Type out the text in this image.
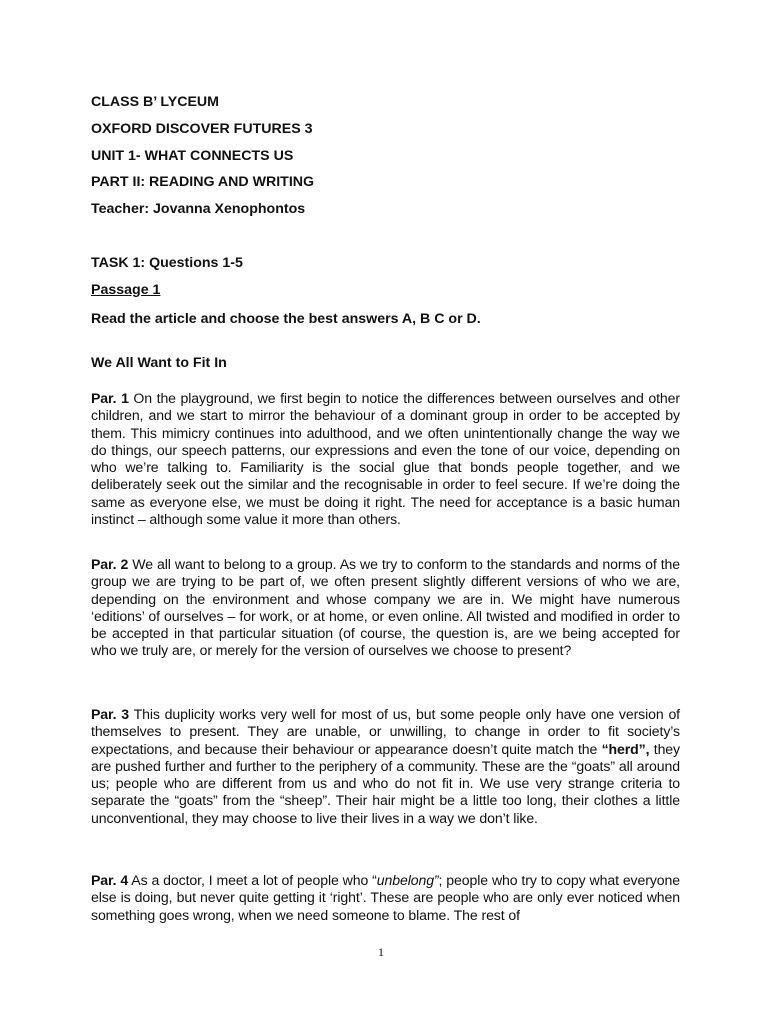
CLASS B’ LYCEUM

OXFORD DISCOVER FUTURES 3

UNIT 1- WHAT CONNECTS US

PART II: READING AND WRITING

Teacher: Jovanna Xenophontos

TASK 1: Questions 1-5

Passage 1

Read the article and choose the best answers A, B C or D.

We All Want to Fit In

Par. 1 On the playground, we first begin to notice the differences between ourselves and other children, and we start to mirror the behaviour of a dominant group in order to be accepted by them. This mimicry continues into adulthood, and we often unintentionally change the way we do things, our speech patterns, our expressions and even the tone of our voice, depending on who we’re talking to. Familiarity is the social glue that bonds people together, and we deliberately seek out the similar and the recognisable in order to feel secure. If we’re doing the same as everyone else, we must be doing it right. The need for acceptance is a basic human instinct – although some value it more than others.

Par. 2 We all want to belong to a group. As we try to conform to the standards and norms of the group we are trying to be part of, we often present slightly different versions of who we are, depending on the environment and whose company we are in. We might have numerous ‘editions’ of ourselves – for work, or at home, or even online. All twisted and modified in order to be accepted in that particular situation (of course, the question is, are we being accepted for who we truly are, or merely for the version of ourselves we choose to present?

Par. 3 This duplicity works very well for most of us, but some people only have one version of themselves to present. They are unable, or unwilling, to change in order to fit society’s expectations, and because their behaviour or appearance doesn’t quite match the “herd”, they are pushed further and further to the periphery of a community. These are the “goats” all around us; people who are different from us and who do not fit in. We use very strange criteria to separate the “goats” from the “sheep”. Their hair might be a little too long, their clothes a little unconventional, they may choose to live their lives in a way we don’t like.

Par. 4 As a doctor, I meet a lot of people who “unbelong”; people who try to copy what everyone else is doing, but never quite getting it ‘right’. These are people who are only ever noticed when something goes wrong, when we need someone to blame. The rest of

1
